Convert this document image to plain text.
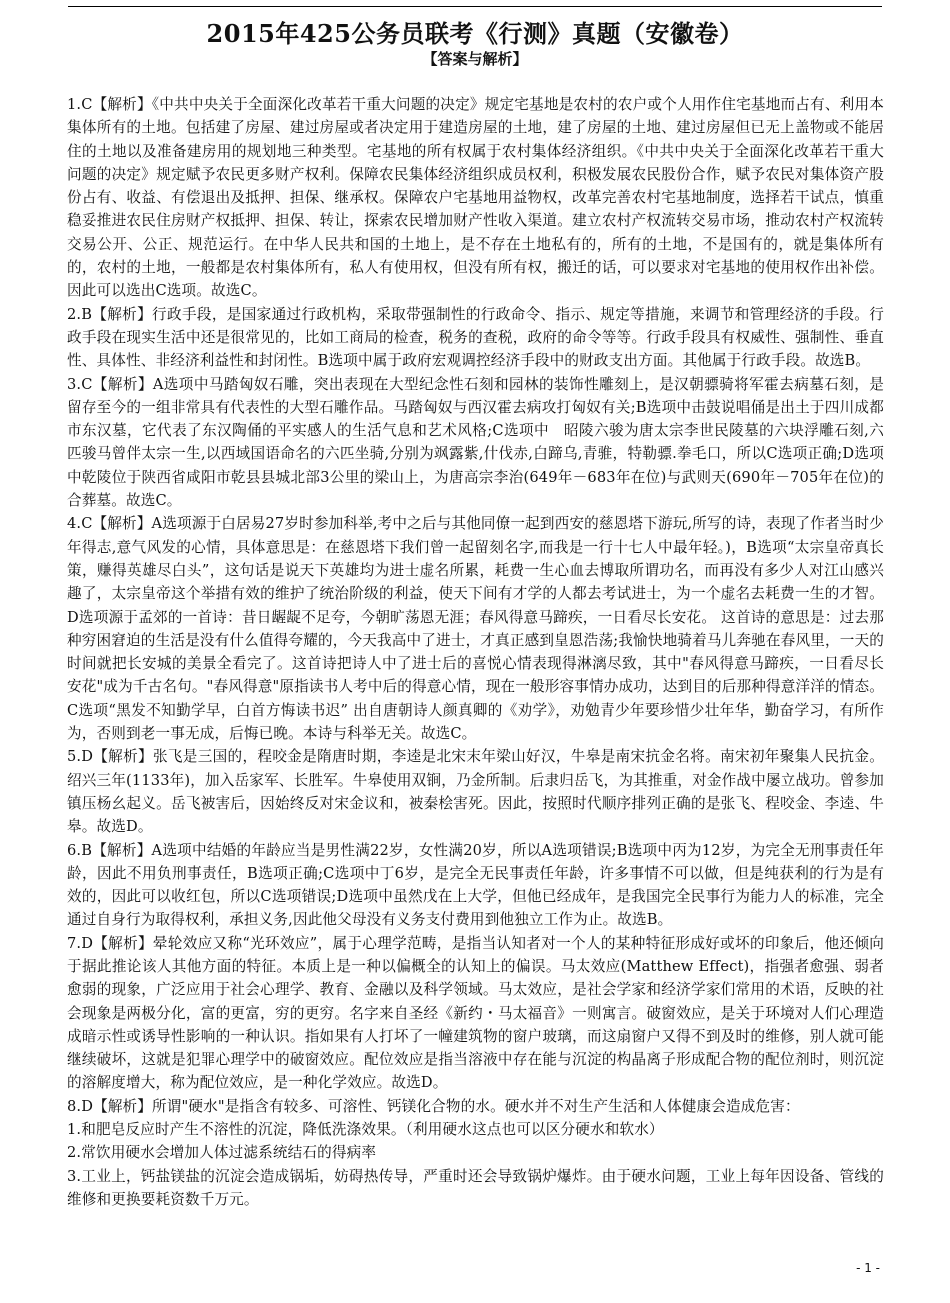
2015年425公务员联考《行测》真题（安徽卷）
【答案与解析】

1.C【解析】《中共中央关于全面深化改革若干重大问题的决定》规定宅基地是农村的农户或个人用作住宅基地而占有、利用本集体所有的土地。包括建了房屋、建过房屋或者决定用于建造房屋的土地，建了房屋的土地、建过房屋但已无上盖物或不能居住的土地以及准备建房用的规划地三种类型。宅基地的所有权属于农村集体经济组织。《中共中央关于全面深化改革若干重大问题的决定》规定赋予农民更多财产权利。保障农民集体经济组织成员权利，积极发展农民股份合作，赋予农民对集体资产股份占有、收益、有偿退出及抵押、担保、继承权。保障农户宅基地用益物权，改革完善农村宅基地制度，选择若干试点，慎重稳妥推进农民住房财产权抵押、担保、转让，探索农民增加财产性收入渠道。建立农村产权流转交易市场，推动农村产权流转交易公开、公正、规范运行。在中华人民共和国的土地上，是不存在土地私有的，所有的土地，不是国有的，就是集体所有的，农村的土地，一般都是农村集体所有，私人有使用权，但没有所有权，搬迁的话，可以要求对宅基地的使用权作出补偿。因此可以选出C选项。故选C。

2.B【解析】行政手段，是国家通过行政机构，采取带强制性的行政命令、指示、规定等措施，来调节和管理经济的手段。行政手段在现实生活中还是很常见的，比如工商局的检查，税务的查税，政府的命令等等。行政手段具有权威性、强制性、垂直性、具体性、非经济利益性和封闭性。B选项中属于政府宏观调控经济手段中的财政支出方面。其他属于行政手段。故选B。

3.C【解析】A选项中马踏匈奴石雕，突出表现在大型纪念性石刻和园林的装饰性雕刻上，是汉朝骠骑将军霍去病墓石刻，是留存至今的一组非常具有代表性的大型石雕作品。马踏匈奴与西汉霍去病攻打匈奴有关;B选项中击鼓说唱俑是出土于四川成都市东汉墓，它代表了东汉陶俑的平实感人的生活气息和艺术风格;C选项中　昭陵六骏为唐太宗李世民陵墓的六块浮雕石刻,六匹骏马曾伴太宗一生,以西域国语命名的六匹坐骑,分别为飒露紫,什伐赤,白蹄乌,青骓，特勒骠.拳毛口，所以C选项正确;D选项中乾陵位于陕西省咸阳市乾县县城北部3公里的梁山上，为唐高宗李治(649年－683年在位)与武则天(690年－705年在位)的合葬墓。故选C。

4.C【解析】A选项源于白居易27岁时参加科举,考中之后与其他同僚一起到西安的慈恩塔下游玩,所写的诗，表现了作者当时少年得志,意气风发的心情，具体意思是：在慈恩塔下我们曾一起留刻名字,而我是一行十七人中最年轻。)，B选项“太宗皇帝真长策，赚得英雄尽白头”，这句话是说天下英雄均为进士虚名所累，耗费一生心血去博取所谓功名，而再没有多少人对江山感兴趣了，太宗皇帝这个举措有效的维护了统治阶级的利益，使天下间有才学的人都去考试进士，为一个虚名去耗费一生的才智。D选项源于孟郊的一首诗：昔日龌龊不足夸，今朝旷荡恩无涯；春风得意马蹄疾，一日看尽长安花。 这首诗的意思是：过去那种穷困窘迫的生活是没有什么值得夸耀的，今天我高中了进士，才真正感到皇恩浩荡;我愉快地骑着马儿奔驰在春风里，一天的时间就把长安城的美景全看完了。这首诗把诗人中了进士后的喜悦心情表现得淋漓尽致，其中"春风得意马蹄疾，一日看尽长安花"成为千古名句。"春风得意"原指读书人考中后的得意心情，现在一般形容事情办成功，达到目的后那种得意洋洋的情态。C选项“黑发不知勤学早，白首方悔读书迟” 出自唐朝诗人颜真卿的《劝学》，劝勉青少年要珍惜少壮年华，勤奋学习，有所作为，否则到老一事无成，后悔已晚。本诗与科举无关。故选C。

5.D【解析】张飞是三国的，程咬金是隋唐时期，李逵是北宋末年梁山好汉，牛皋是南宋抗金名将。南宋初年聚集人民抗金。绍兴三年(1133年)，加入岳家军、长胜军。牛皋使用双锏，乃金所制。后隶归岳飞，为其推重，对金作战中屡立战功。曾参加镇压杨幺起义。岳飞被害后，因始终反对宋金议和，被秦桧害死。因此，按照时代顺序排列正确的是张飞、程咬金、李逵、牛皋。故选D。

6.B【解析】A选项中结婚的年龄应当是男性满22岁，女性满20岁，所以A选项错误;B选项中丙为12岁，为完全无刑事责任年龄，因此不用负刑事责任，B选项正确;C选项中丁6岁，是完全无民事责任年龄，许多事情不可以做，但是纯获利的行为是有效的，因此可以收红包，所以C选项错误;D选项中虽然戊在上大学，但他已经成年，是我国完全民事行为能力人的标准，完全通过自身行为取得权利，承担义务,因此他父母没有义务支付费用到他独立工作为止。故选B。

7.D【解析】晕轮效应又称“光环效应”，属于心理学范畴，是指当认知者对一个人的某种特征形成好或坏的印象后，他还倾向于据此推论该人其他方面的特征。本质上是一种以偏概全的认知上的偏误。马太效应(Matthew Effect)，指强者愈强、弱者愈弱的现象，广泛应用于社会心理学、教育、金融以及科学领域。马太效应，是社会学家和经济学家们常用的术语，反映的社会现象是两极分化，富的更富，穷的更穷。名字来自圣经《新约・马太福音》一则寓言。破窗效应，是关于环境对人们心理造成暗示性或诱导性影响的一种认识。指如果有人打坏了一幢建筑物的窗户玻璃，而这扇窗户又得不到及时的维修，别人就可能继续破坏，这就是犯罪心理学中的破窗效应。配位效应是指当溶液中存在能与沉淀的构晶离子形成配合物的配位剂时，则沉淀的溶解度增大，称为配位效应，是一种化学效应。故选D。

8.D【解析】所谓"硬水"是指含有较多、可溶性、钙镁化合物的水。硬水并不对生产生活和人体健康会造成危害：

1.和肥皂反应时产生不溶性的沉淀，降低洗涤效果。（利用硬水这点也可以区分硬水和软水）

2.常饮用硬水会增加人体过滤系统结石的得病率

3.工业上，钙盐镁盐的沉淀会造成锅垢，妨碍热传导，严重时还会导致锅炉爆炸。由于硬水问题，工业上每年因设备、管线的维修和更换要耗资数千万元。

- 1 -
